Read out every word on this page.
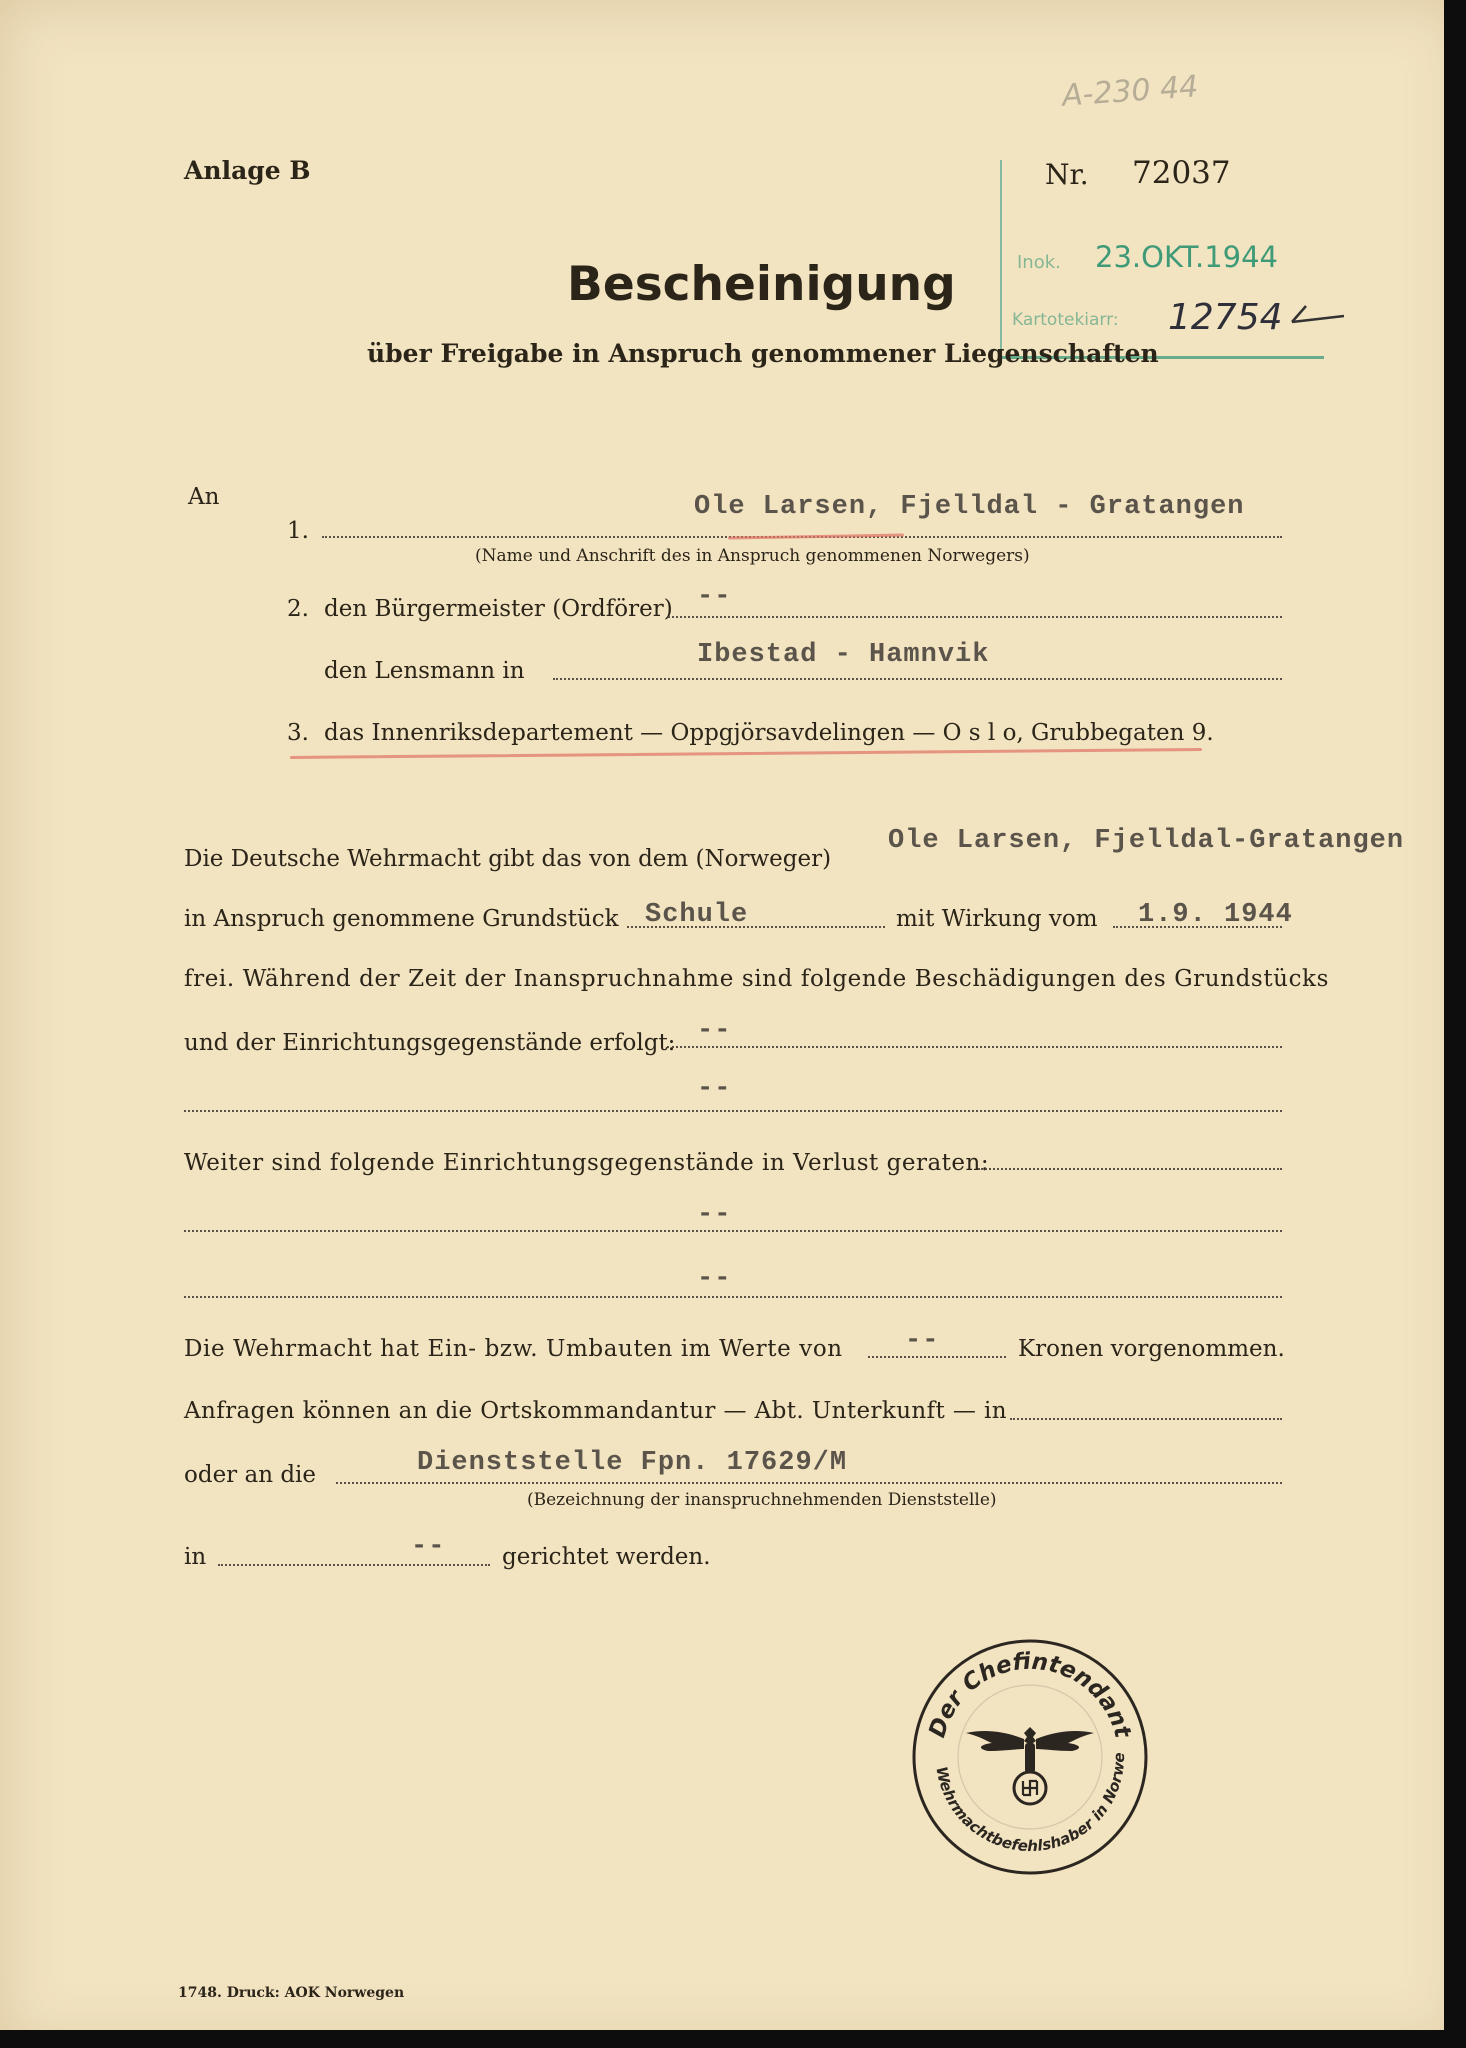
A-230 44
Anlage B	Nr. 72037
Inok. 23.OKT.1944
Kartotekiarr: 12754
Bescheinigung
über Freigabe in Anspruch genommener Liegenschaften
An
1.
Ole Larsen, Fjelldal - Gratangen
(Name und Anschrift des in Anspruch genommenen Norwegers)
2. den Bürgermeister (Ordförer) --
den Lensmann in
Ibestad - Hamnvik
3. das Innenriksdepartement — Oppgjörsavdelingen — O s l o, Grubbegaten 9.
Die Deutsche Wehrmacht gibt das von dem (Norweger)
Ole Larsen, Fjelldal-Gratangen
in Anspruch genommene Grundstück Schule	mit Wirkung vom 1.9. 1944
frei. Während der Zeit der Inanspruchnahme sind folgende Beschädigungen des Grundstücks
und der Einrichtungsgegenstände erfolgt: --
--
Weiter sind folgende Einrichtungsgegenstände in Verlust geraten:
--
--
Die Wehrmacht hat Ein- bzw. Umbauten im Werte von --	Kronen vorgenommen.
Anfragen können an die Ortskommandantur — Abt. Unterkunft — in
oder an die	Dienststelle Fpn. 17629/M
(Bezeichnung der inanspruchnehmenden Dienststelle)
in	-- gerichtet werden.
Der Chefintendant
Wehrmachtbefehlshaber in Norwe
1748. Druck: AOK Norwegen
